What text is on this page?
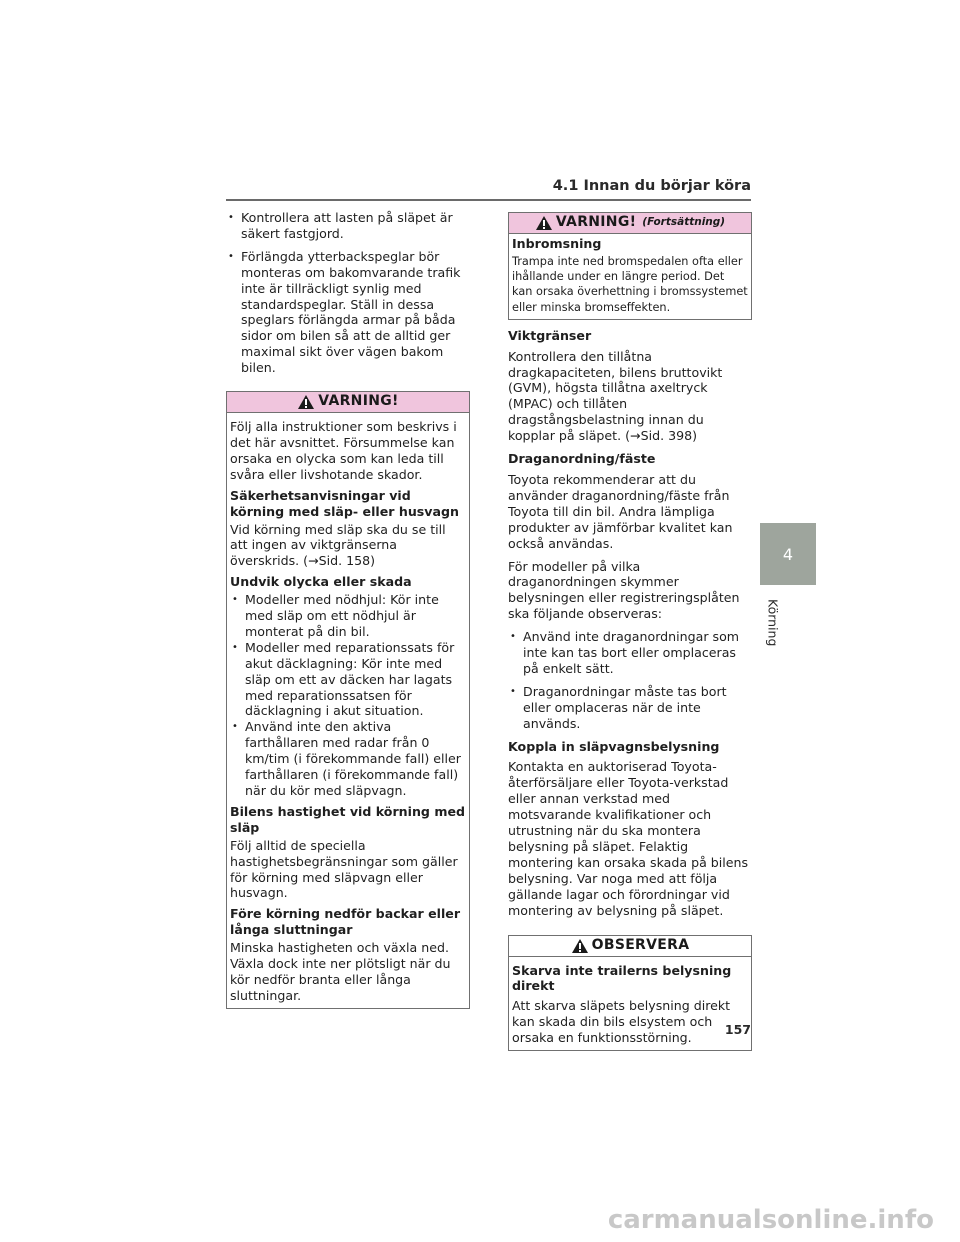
4.1 Innan du börjar köra
• Kontrollera att lasten på släpet är säkert fastgjord.
• Förlängda ytterbackspeglar bör monteras om bakomvarande trafik inte är tillräckligt synlig med standardspeglar. Ställ in dessa speglars förlängda armar på båda sidor om bilen så att de alltid ger maximal sikt över vägen bakom bilen.
VARNING!

Följ alla instruktioner som beskrivs i det här avsnittet. Försummelse kan orsaka en olycka som kan leda till svåra eller livshotande skador.

Säkerhetsanvisningar vid körning med släp- eller husvagn

Vid körning med släp ska du se till att ingen av viktgränserna överskrids. (→Sid. 158)

Undvik olycka eller skada
• Modeller med nödhjul: Kör inte med släp om ett nödhjul är monterat på din bil.
• Modeller med reparationssats för akut däcklagning: Kör inte med släp om ett av däcken har lagats med reparationssatsen för däcklagning i akut situation.
• Använd inte den aktiva farthållaren med radar från 0 km/tim (i förekommande fall) eller farthållaren (i förekommande fall) när du kör med släpvagn.
Bilens hastighet vid körning med släp

Följ alltid de speciella hastighetsbegränsningar som gäller för körning med släpvagn eller husvagn.

Före körning nedför backar eller långa sluttningar

Minska hastigheten och växla ned. Växla dock inte ner plötsligt när du kör nedför branta eller långa sluttningar.

VARNING! (Fortsättning)
Inbromsning

Trampa inte ned bromspedalen ofta eller ihållande under en längre period. Det kan orsaka överhettning i bromssystemet eller minska bromseffekten.

Viktgränser

Kontrollera den tillåtna dragkapaciteten, bilens bruttovikt (GVM), högsta tillåtna axeltryck (MPAC) och tillåten dragstångsbelastning innan du kopplar på släpet. (→Sid. 398)

Draganordning/fäste

Toyota rekommenderar att du använder draganordning/fäste från Toyota till din bil. Andra lämpliga produkter av jämförbar kvalitet kan också användas.

För modeller på vilka draganordningen skymmer belysningen eller registreringsplåten ska följande observeras:

• Använd inte draganordningar som inte kan tas bort eller omplaceras på enkelt sätt.
• Draganordningar måste tas bort eller omplaceras när de inte används.
Koppla in släpvagnsbelysning

Kontakta en auktoriserad Toyota-återförsäljare eller Toyota-verkstad eller annan verkstad med motsvarande kvalifikationer och utrustning när du ska montera belysning på släpet. Felaktig montering kan orsaka skada på bilens belysning. Var noga med att följa gällande lagar och förordningar vid montering av belysning på släpet.

OBSERVERA
Skarva inte trailerns belysning direkt

Att skarva släpets belysning direkt kan skada din bils elsystem och orsaka en funktionsstörning.

4
Körning
157
carmanualsonline.info
